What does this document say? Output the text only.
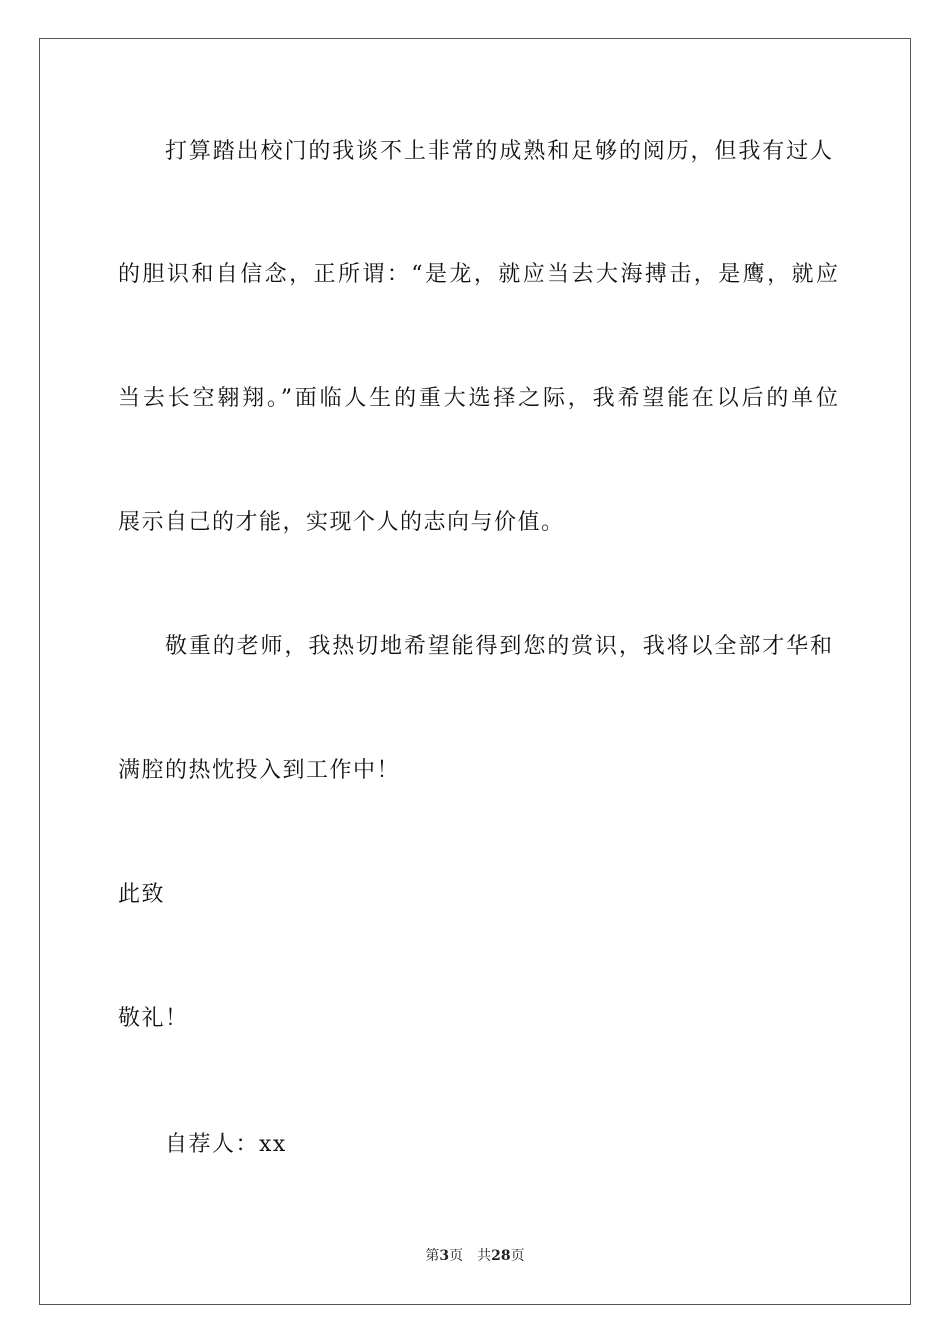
打算踏出校门的我谈不上非常的成熟和足够的阅历，但我有过人
的胆识和自信念，正所谓：“是龙，就应当去大海搏击，是鹰，就应
当去长空翱翔。”面临人生的重大选择之际，我希望能在以后的单位
展示自己的才能，实现个人的志向与价值。
敬重的老师，我热切地希望能得到您的赏识，我将以全部才华和
满腔的热忱投入到工作中！
此致
敬礼！
自荐人：xx
第3页 共28页
